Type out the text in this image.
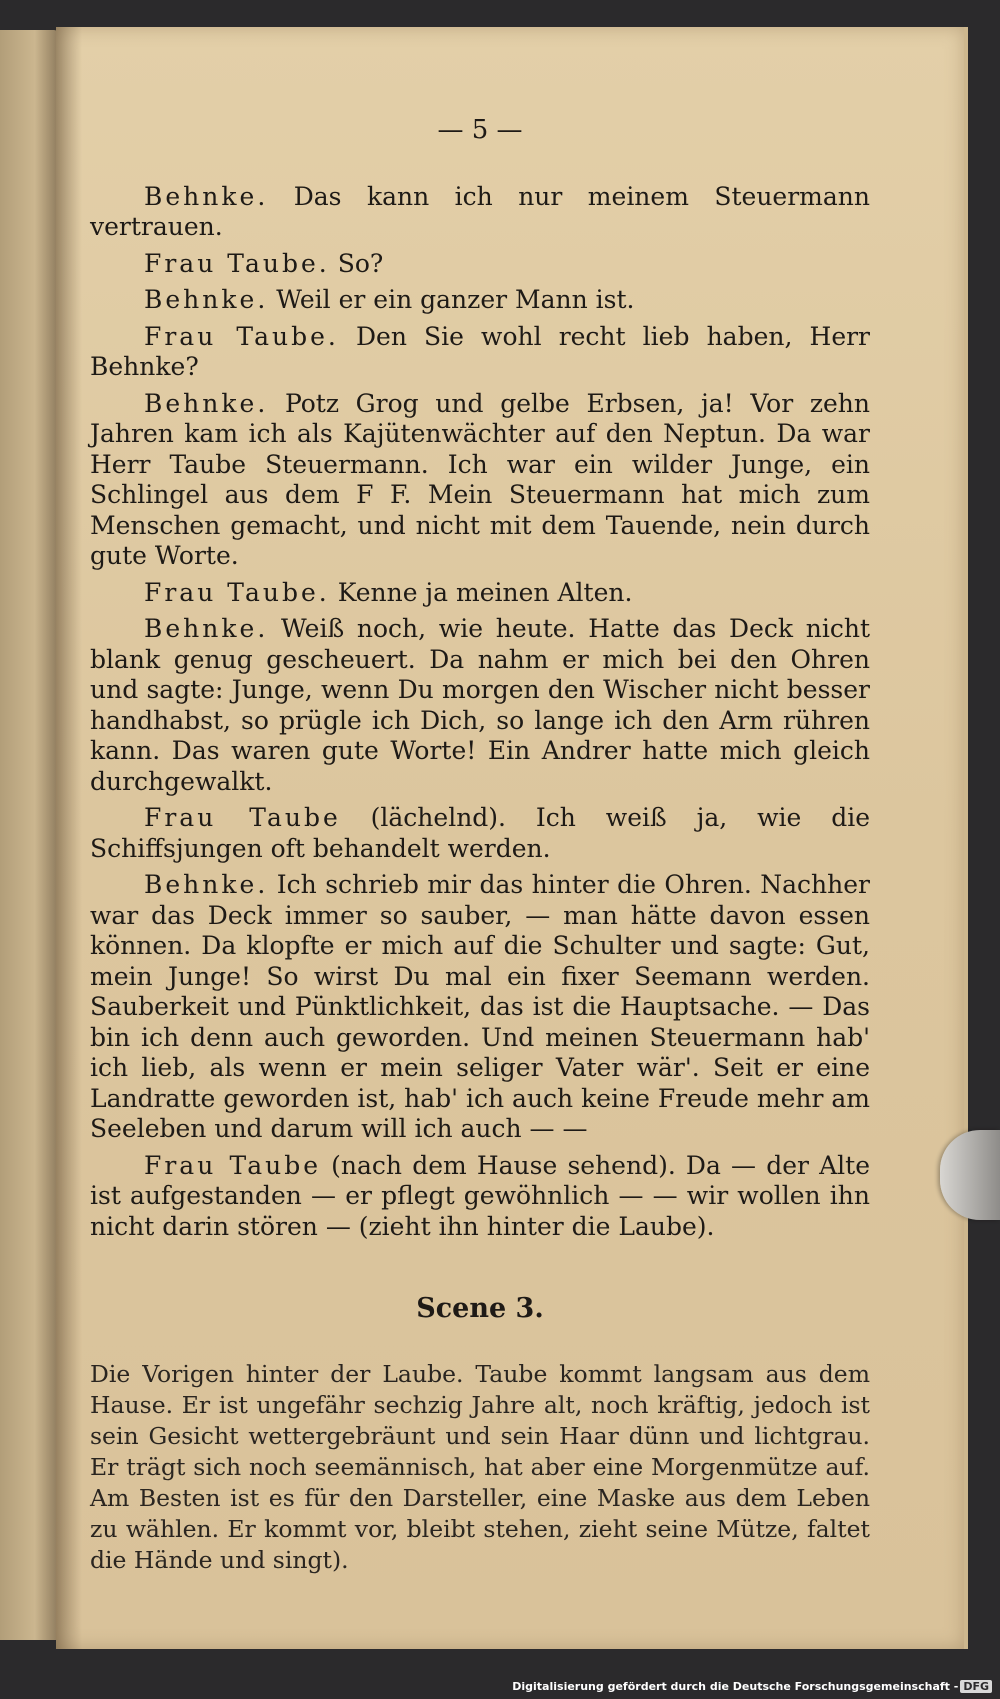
— 5 —
Behnke. Das kann ich nur meinem Steuermann vertrauen.
Frau Taube. So?
Behnke. Weil er ein ganzer Mann ist.
Frau Taube. Den Sie wohl recht lieb haben, Herr Behnke?
Behnke. Potz Grog und gelbe Erbsen, ja! Vor zehn Jahren kam ich als Kajütenwächter auf den Neptun. Da war Herr Taube Steuermann. Ich war ein wilder Junge, ein Schlingel aus dem F F. Mein Steuermann hat mich zum Menschen gemacht, und nicht mit dem Tauende, nein durch gute Worte.
Frau Taube. Kenne ja meinen Alten.
Behnke. Weiß noch, wie heute. Hatte das Deck nicht blank genug gescheuert. Da nahm er mich bei den Ohren und sagte: Junge, wenn Du morgen den Wischer nicht besser handhabst, so prügle ich Dich, so lange ich den Arm rühren kann. Das waren gute Worte! Ein Andrer hatte mich gleich durchgewalkt.
Frau Taube (lächelnd). Ich weiß ja, wie die Schiffsjungen oft behandelt werden.
Behnke. Ich schrieb mir das hinter die Ohren. Nachher war das Deck immer so sauber, — man hätte davon essen können. Da klopfte er mich auf die Schulter und sagte: Gut, mein Junge! So wirst Du mal ein fixer Seemann werden. Sauberkeit und Pünktlichkeit, das ist die Hauptsache. — Das bin ich denn auch geworden. Und meinen Steuermann hab' ich lieb, als wenn er mein seliger Vater wär'. Seit er eine Landratte geworden ist, hab' ich auch keine Freude mehr am Seeleben und darum will ich auch — —
Frau Taube (nach dem Hause sehend). Da — der Alte ist aufgestanden — er pflegt gewöhnlich — — wir wollen ihn nicht darin stören — (zieht ihn hinter die Laube).
Scene 3.
Die Vorigen hinter der Laube. Taube kommt langsam aus dem Hause. Er ist ungefähr sechzig Jahre alt, noch kräftig, jedoch ist sein Gesicht wettergebräunt und sein Haar dünn und lichtgrau. Er trägt sich noch seemännisch, hat aber eine Morgenmütze auf. Am Besten ist es für den Darsteller, eine Maske aus dem Leben zu wählen. Er kommt vor, bleibt stehen, zieht seine Mütze, faltet die Hände und singt).
Digitalisierung gefördert durch die Deutsche Forschungsgemeinschaft - DFG
